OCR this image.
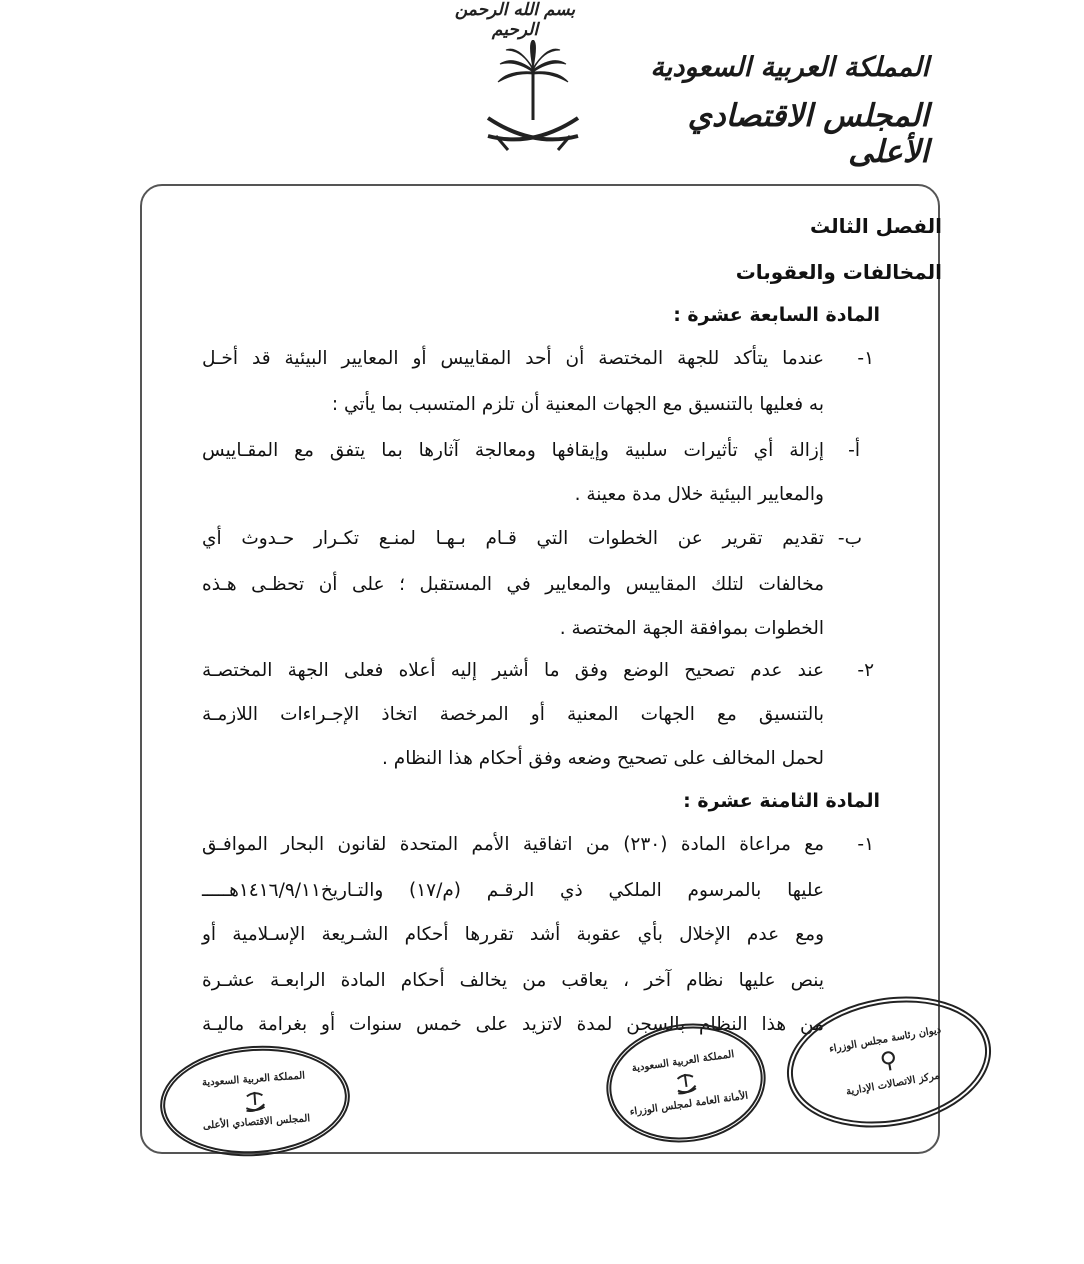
بسم الله الرحمن الرحيم
المملكة العربية السعودية
المجلس الاقتصادي الأعلى
الفصل الثالث
المخالفات والعقوبات
المادة السابعة عشرة :
١-
عندما يتأكد للجهة المختصة أن أحد المقاييس أو المعايير البيئية قد أخـل
به فعليها بالتنسيق مع الجهات المعنية أن تلزم المتسبب بما يأتي :
أ-
إزالة أي تأثيرات سلبية وإيقافها ومعالجة آثارها بما يتفق مع المقـاييس
والمعايير البيئية خلال مدة معينة .
ب-
تقديم تقرير عن الخطوات التي قـام بـهـا لمنـع تكـرار حـدوث أي
مخالفات لتلك المقاييس والمعايير في المستقبل ؛ على أن تحظـى هـذه
الخطوات بموافقة الجهة المختصة .
٢-
عند عدم تصحيح الوضع وفق ما أشير إليه أعلاه فعلى الجهة المختصـة
بالتنسيق مع الجهات المعنية أو المرخصة اتخاذ الإجـراءات اللازمـة
لحمل المخالف على تصحيح وضعه وفق أحكام هذا النظام .
المادة الثامنة عشرة :
١-
مع مراعاة المادة (٢٣٠) من اتفاقية الأمم المتحدة لقانون البحار الموافـق
عليها بالمرسوم الملكي ذي الرقـم (م/١٧) والتـاريخ١٤١٦/٩/١١هـــــ
ومع عدم الإخلال بأي عقوبة أشد تقررها أحكام الشـريعة الإسـلامية أو
ينص عليها نظام آخر ، يعاقب من يخالف أحكام المادة الرابعـة عشـرة
من هذا النظام بالسجن لمدة لاتزيد على خمس سنوات أو بغرامة ماليـة
المملكة العربية السعودية
المجلس الاقتصادي الأعلى
المملكة العربية السعودية
الأمانة العامة لمجلس الوزراء
ديوان رئاسة مجلس الوزراء
مركز الاتصالات الإدارية
